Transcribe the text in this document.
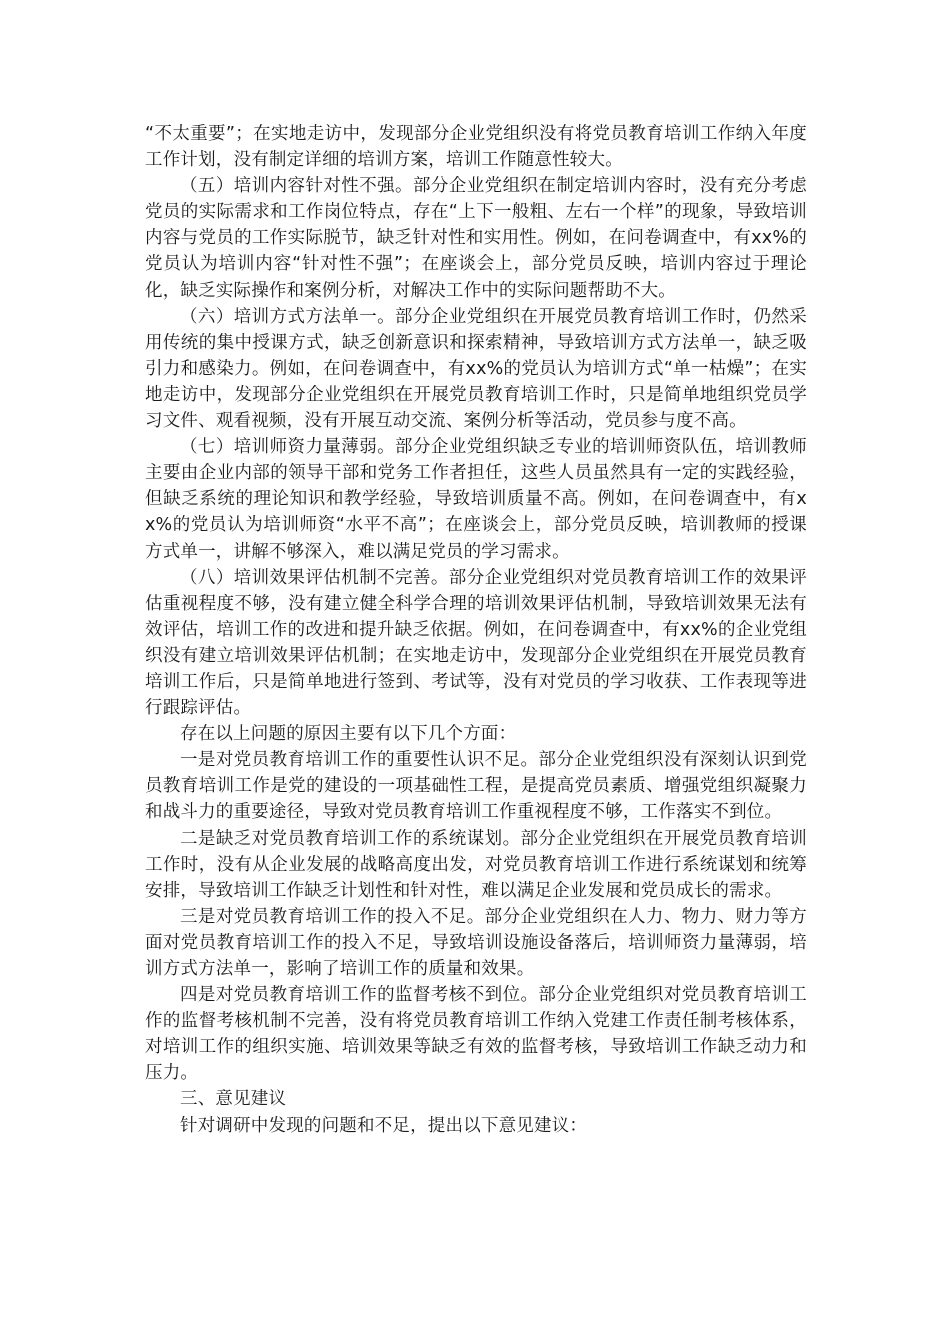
“不太重要”；在实地走访中，发现部分企业党组织没有将党员教育培训工作纳入年度工作计划，没有制定详细的培训方案，培训工作随意性较大。

（五）培训内容针对性不强。部分企业党组织在制定培训内容时，没有充分考虑党员的实际需求和工作岗位特点，存在“上下一般粗、左右一个样”的现象，导致培训内容与党员的工作实际脱节，缺乏针对性和实用性。例如，在问卷调查中，有xx%的党员认为培训内容“针对性不强”；在座谈会上，部分党员反映，培训内容过于理论化，缺乏实际操作和案例分析，对解决工作中的实际问题帮助不大。

（六）培训方式方法单一。部分企业党组织在开展党员教育培训工作时，仍然采用传统的集中授课方式，缺乏创新意识和探索精神，导致培训方式方法单一，缺乏吸引力和感染力。例如，在问卷调查中，有xx%的党员认为培训方式“单一枯燥”；在实地走访中，发现部分企业党组织在开展党员教育培训工作时，只是简单地组织党员学习文件、观看视频，没有开展互动交流、案例分析等活动，党员参与度不高。

（七）培训师资力量薄弱。部分企业党组织缺乏专业的培训师资队伍，培训教师主要由企业内部的领导干部和党务工作者担任，这些人员虽然具有一定的实践经验，但缺乏系统的理论知识和教学经验，导致培训质量不高。例如，在问卷调查中，有xx%的党员认为培训师资“水平不高”；在座谈会上，部分党员反映，培训教师的授课方式单一，讲解不够深入，难以满足党员的学习需求。

（八）培训效果评估机制不完善。部分企业党组织对党员教育培训工作的效果评估重视程度不够，没有建立健全科学合理的培训效果评估机制，导致培训效果无法有效评估，培训工作的改进和提升缺乏依据。例如，在问卷调查中，有xx%的企业党组织没有建立培训效果评估机制；在实地走访中，发现部分企业党组织在开展党员教育培训工作后，只是简单地进行签到、考试等，没有对党员的学习收获、工作表现等进行跟踪评估。

存在以上问题的原因主要有以下几个方面：

一是对党员教育培训工作的重要性认识不足。部分企业党组织没有深刻认识到党员教育培训工作是党的建设的一项基础性工程，是提高党员素质、增强党组织凝聚力和战斗力的重要途径，导致对党员教育培训工作重视程度不够，工作落实不到位。

二是缺乏对党员教育培训工作的系统谋划。部分企业党组织在开展党员教育培训工作时，没有从企业发展的战略高度出发，对党员教育培训工作进行系统谋划和统筹安排，导致培训工作缺乏计划性和针对性，难以满足企业发展和党员成长的需求。

三是对党员教育培训工作的投入不足。部分企业党组织在人力、物力、财力等方面对党员教育培训工作的投入不足，导致培训设施设备落后，培训师资力量薄弱，培训方式方法单一，影响了培训工作的质量和效果。

四是对党员教育培训工作的监督考核不到位。部分企业党组织对党员教育培训工作的监督考核机制不完善，没有将党员教育培训工作纳入党建工作责任制考核体系，对培训工作的组织实施、培训效果等缺乏有效的监督考核，导致培训工作缺乏动力和压力。

三、意见建议

针对调研中发现的问题和不足，提出以下意见建议：
